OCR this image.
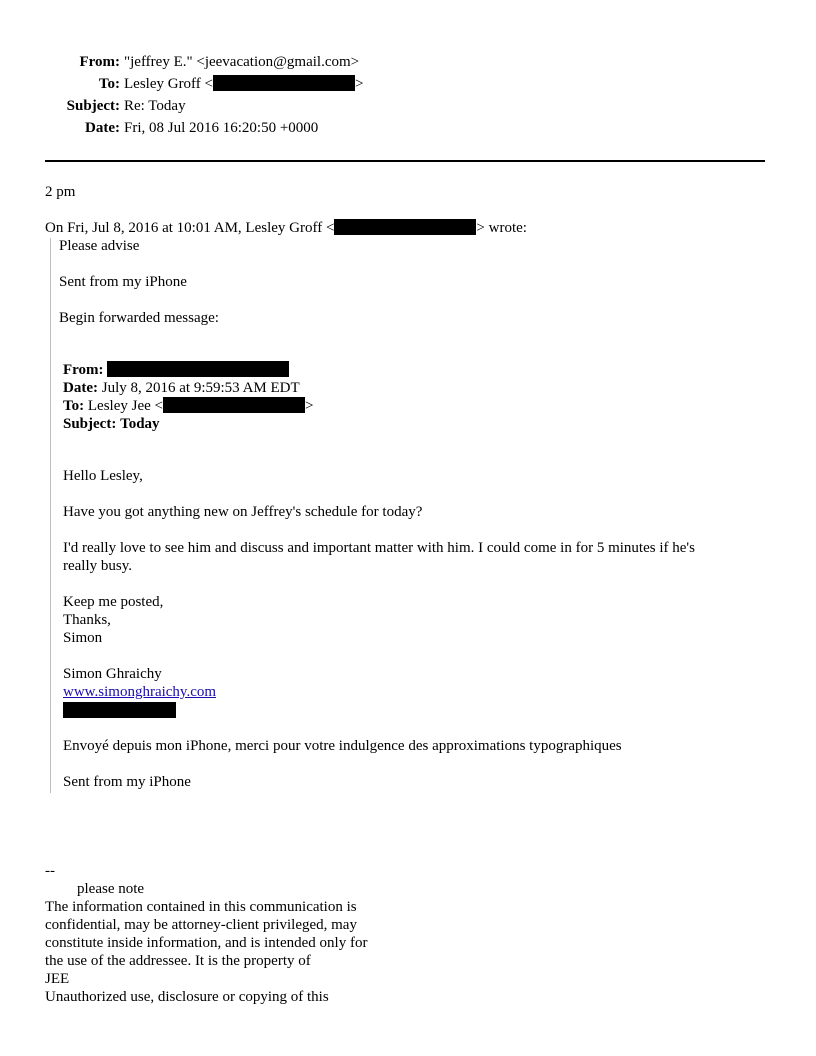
From:	"jeffrey E." <jeevacation@gmail.com>
To:	Lesley Groff < >
Subject:	Re: Today
Date:	Fri, 08 Jul 2016 16:20:50 +0000
2 pm
On Fri, Jul 8, 2016 at 10:01 AM, Lesley Groff <	> wrote:
Please advise
Sent from my iPhone
Begin forwarded message:
From:
Date: July 8, 2016 at 9:59:53 AM EDT
To: Lesley Jee <	>
Subject: Today
Hello Lesley,
Have you got anything new on Jeffrey's schedule for today?
I'd really love to see him and discuss and important matter with him. I could come in for 5 minutes if he's
really busy.
Keep me posted,
Thanks,
Simon
Simon Ghraichy
www.simonghraichy.com
Envoyé depuis mon iPhone, merci pour votre indulgence des approximations typographiques
Sent from my iPhone
--
please note
The information contained in this communication is
confidential, may be attorney-client privileged, may
constitute inside information, and is intended only for
the use of the addressee. It is the property of
JEE
Unauthorized use, disclosure or copying of this
